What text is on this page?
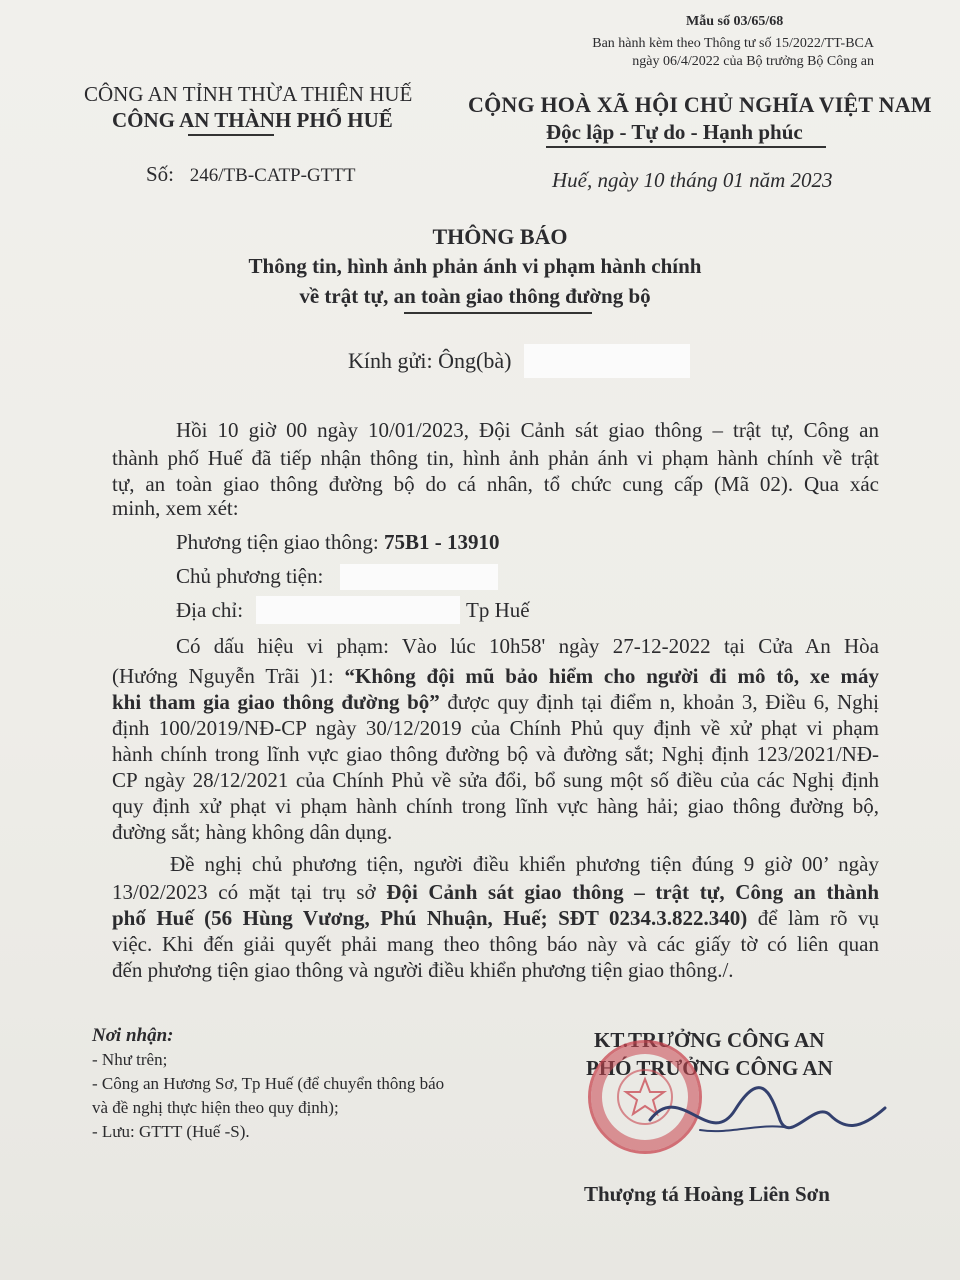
Mẫu số 03/65/68
Ban hành kèm theo Thông tư số 15/2022/TT-BCA
ngày 06/4/2022 của Bộ trưởng Bộ Công an
CÔNG AN TỈNH THỪA THIÊN HUẾ
CÔNG AN THÀNH PHỐ HUẾ
Số: 246/TB-CATP-GTTT
CỘNG HOÀ XÃ HỘI CHỦ NGHĨA VIỆT NAM
Độc lập - Tự do - Hạnh phúc
Huế, ngày 10 tháng 01 năm 2023
THÔNG BÁO
Thông tin, hình ảnh phản ánh vi phạm hành chính
về trật tự, an toàn giao thông đường bộ
Kính gửi: Ông(bà)
Hồi 10 giờ 00 ngày 10/01/2023, Đội Cảnh sát giao thông – trật tự, Công an
thành phố Huế đã tiếp nhận thông tin, hình ảnh phản ánh vi phạm hành chính về trật
tự, an toàn giao thông đường bộ do cá nhân, tổ chức cung cấp (Mã 02). Qua xác
minh, xem xét:
Phương tiện giao thông: 75B1 - 13910
Chủ phương tiện:
Địa chỉ:	Tp Huế
Có dấu hiệu vi phạm: Vào lúc 10h58' ngày 27-12-2022 tại Cửa An Hòa
(Hướng Nguyễn Trãi )1: “Không đội mũ bảo hiểm cho người đi mô tô, xe máy
khi tham gia giao thông đường bộ” được quy định tại điểm n, khoản 3, Điều 6, Nghị
định 100/2019/NĐ-CP ngày 30/12/2019 của Chính Phủ quy định về xử phạt vi phạm
hành chính trong lĩnh vực giao thông đường bộ và đường sắt; Nghị định 123/2021/NĐ-
CP ngày 28/12/2021 của Chính Phủ về sửa đổi, bổ sung một số điều của các Nghị định
quy định xử phạt vi phạm hành chính trong lĩnh vực hàng hải; giao thông đường bộ,
đường sắt; hàng không dân dụng.
Đề nghị chủ phương tiện, người điều khiển phương tiện đúng 9 giờ 00’ ngày
13/02/2023 có mặt tại trụ sở Đội Cảnh sát giao thông – trật tự, Công an thành
phố Huế (56 Hùng Vương, Phú Nhuận, Huế; SĐT 0234.3.822.340) để làm rõ vụ
việc. Khi đến giải quyết phải mang theo thông báo này và các giấy tờ có liên quan
đến phương tiện giao thông và người điều khiển phương tiện giao thông./.
Nơi nhận:
- Như trên;
- Công an Hương Sơ, Tp Huế (để chuyển thông báo
và đề nghị thực hiện theo quy định);
- Lưu: GTTT (Huế -S).
KT.TRƯỞNG CÔNG AN
PHÓ TRƯỞNG CÔNG AN
Thượng tá Hoàng Liên Sơn
